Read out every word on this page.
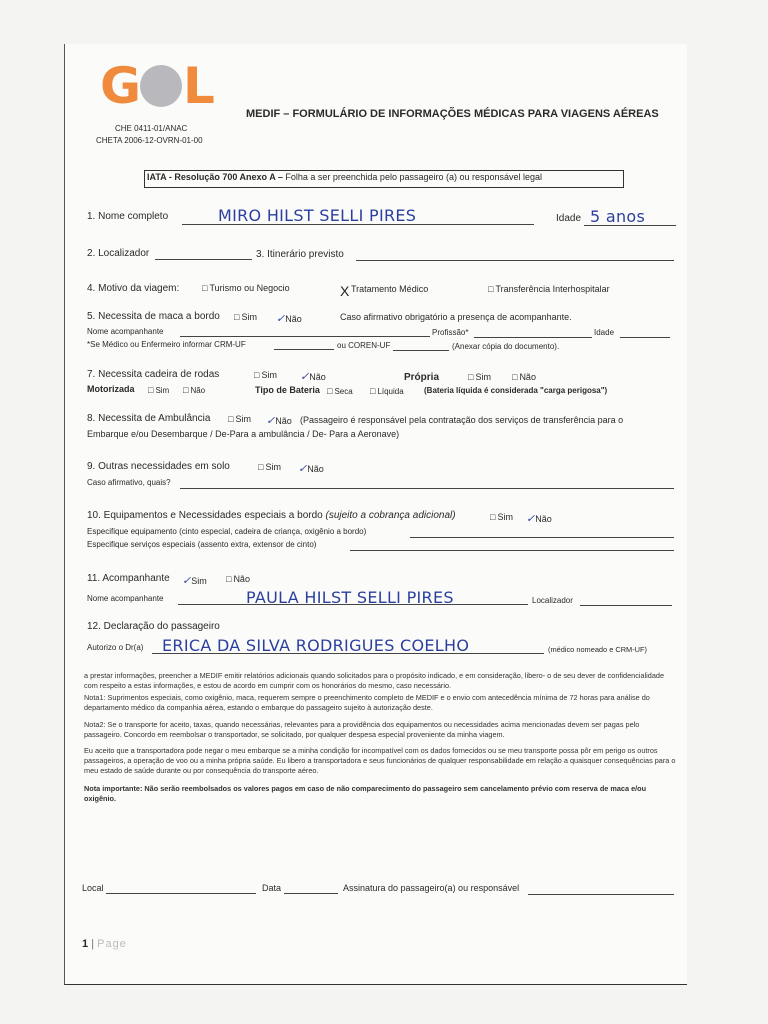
G L
CHE 0411-01/ANAC
CHETA 2006-12-OVRN-01-00
MEDIF – FORMULÁRIO DE INFORMAÇÕES MÉDICAS PARA VIAGENS AÉREAS
IATA - Resolução 700 Anexo A – Folha a ser preenchida pelo passageiro (a) ou responsável legal
1. Nome completo	MIRO HILST SELLI PIRES	Idade 5 anos
2. Localizador	3. Itinerário previsto
4. Motivo da viagem:	□ Turismo ou Negocio	X Tratamento Médico	□ Transferência Interhospitalar
5. Necessita de maca a bordo □ Sim ✓Não	Caso afirmativo obrigatório a presença de acompanhante.
Nome acompanhante	Profissão*	Idade
*Se Médico ou Enfermeiro informar CRM-UF	ou COREN-UF	(Anexar cópia do documento).
7. Necessita cadeira de rodas	□ Sim ✓Não	Própria	□ Sim □ Não
Motorizada □ Sim □ Não	Tipo de Bateria □ Seca □ Líquida	(Bateria líquida é considerada "carga perigosa")
8. Necessita de Ambulância □ Sim ✓Não (Passageiro é responsável pela contratação dos serviços de transferência para o
Embarque e/ou Desembarque / De-Para a ambulância / De- Para a Aeronave)
9. Outras necessidades em solo	□ Sim ✓Não
Caso afirmativo, quais?
10. Equipamentos e Necessidades especiais a bordo (sujeito a cobrança adicional)	□ Sim ✓Não
Especifique equipamento (cinto especial, cadeira de criança, oxigênio a bordo)
Especifique serviços especiais (assento extra, extensor de cinto)
11. Acompanhante ✓Sim □ Não
Nome acompanhante	PAULA HILST SELLI PIRES	Localizador
12. Declaração do passageiro
Autorizo o Dr(a) ERICA DA SILVA RODRIGUES COELHO	(médico nomeado e CRM-UF)
a prestar informações, preencher a MEDIF emitir relatórios adicionais quando solicitados para o propósito indicado, e em consideração, libero- o de seu dever de confidencialidade com respeito a estas informações, e estou de acordo em cumprir com os honorários do mesmo, caso necessário.
Nota1: Suprimentos especiais, como oxigênio, maca, requerem sempre o preenchimento completo de MEDIF e o envio com antecedência mínima de 72 horas para análise do departamento médico da companhia aérea, estando o embarque do passageiro sujeito à autorização deste.
Nota2: Se o transporte for aceito, taxas, quando necessárias, relevantes para a providência dos equipamentos ou necessidades acima mencionadas devem ser pagas pelo passageiro. Concordo em reembolsar o transportador, se solicitado, por qualquer despesa especial proveniente da minha viagem.
Eu aceito que a transportadora pode negar o meu embarque se a minha condição for incompatível com os dados fornecidos ou se meu transporte possa pôr em perigo os outros passageiros, a operação de voo ou a minha própria saúde. Eu libero a transportadora e seus funcionários de qualquer responsabilidade em relação a quaisquer consequências para o meu estado de saúde durante ou por consequência do transporte aéreo.
Nota importante: Não serão reembolsados os valores pagos em caso de não comparecimento do passageiro sem cancelamento prévio com reserva de maca e/ou oxigênio.
Local	Data	Assinatura do passageiro(a) ou responsável
1 | Page
